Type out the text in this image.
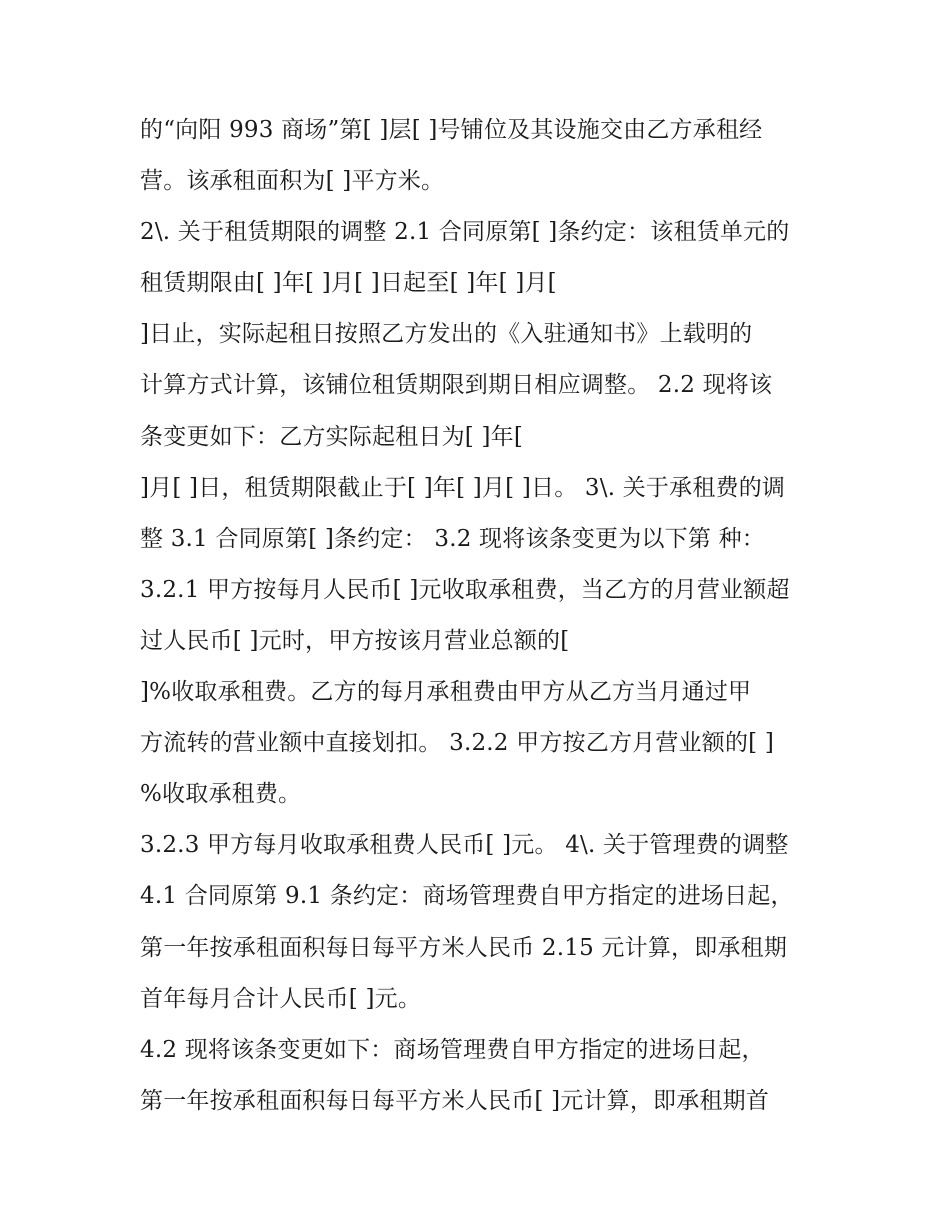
的“向阳 993 商场”第[ ]层[ ]号铺位及其设施交由乙方承租经
营。该承租面积为[ ]平方米。
2\. 关于租赁期限的调整 2.1 合同原第[ ]条约定：该租赁单元的
租赁期限由[ ]年[ ]月[ ]日起至[ ]年[ ]月[
]日止，实际起租日按照乙方发出的《入驻通知书》上载明的
计算方式计算，该铺位租赁期限到期日相应调整。 2.2 现将该
条变更如下：乙方实际起租日为[ ]年[
]月[ ]日，租赁期限截止于[ ]年[ ]月[ ]日。 3\. 关于承租费的调
整 3.1 合同原第[ ]条约定： 3.2 现将该条变更为以下第 种：
3.2.1 甲方按每月人民币[ ]元收取承租费，当乙方的月营业额超
过人民币[ ]元时，甲方按该月营业总额的[
]%收取承租费。乙方的每月承租费由甲方从乙方当月通过甲
方流转的营业额中直接划扣。 3.2.2 甲方按乙方月营业额的[ ]
%收取承租费。
3.2.3 甲方每月收取承租费人民币[ ]元。 4\. 关于管理费的调整
4.1 合同原第 9.1 条约定：商场管理费自甲方指定的进场日起，
第一年按承租面积每日每平方米人民币 2.15 元计算，即承租期
首年每月合计人民币[ ]元。
4.2 现将该条变更如下：商场管理费自甲方指定的进场日起，
第一年按承租面积每日每平方米人民币[ ]元计算，即承租期首
